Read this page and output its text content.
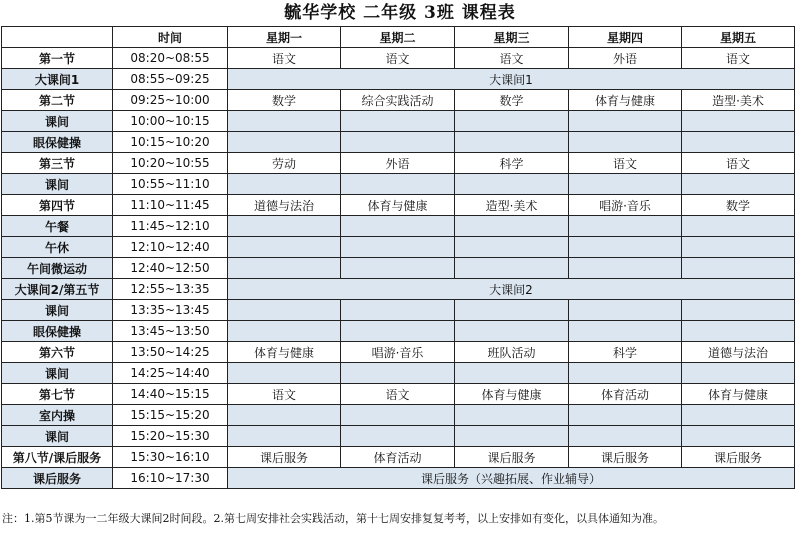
毓华学校 二年级 3班 课程表
	时间	星期一	星期二	星期三	星期四	星期五
第一节	08:20~08:55	语文	语文	语文	外语	语文
大课间1	08:55~09:25	大课间1				
第二节	09:25~10:00	数学	综合实践活动	数学	体育与健康	造型·美术
课间	10:00~10:15					
眼保健操	10:15~10:20					
第三节	10:20~10:55	劳动	外语	科学	语文	语文
课间	10:55~11:10					
第四节	11:10~11:45	道德与法治	体育与健康	造型·美术	唱游·音乐	数学
午餐	11:45~12:10					
午休	12:10~12:40					
午间微运动	12:40~12:50					
大课间2/第五节	12:55~13:35	大课间2				
课间	13:35~13:45					
眼保健操	13:45~13:50					
第六节	13:50~14:25	体育与健康	唱游·音乐	班队活动	科学	道德与法治
课间	14:25~14:40					
第七节	14:40~15:15	语文	语文	体育与健康	体育活动	体育与健康
室内操	15:15~15:20					
课间	15:20~15:30					
第八节/课后服务	15:30~16:10	课后服务	体育活动	课后服务	课后服务	课后服务
课后服务	16:10~17:30	课后服务（兴趣拓展、作业辅导）				
注：1.第5节课为一二年级大课间2时间段。2.第七周安排社会实践活动，第十七周安排复复考考，以上安排如有变化，以具体通知为准。
